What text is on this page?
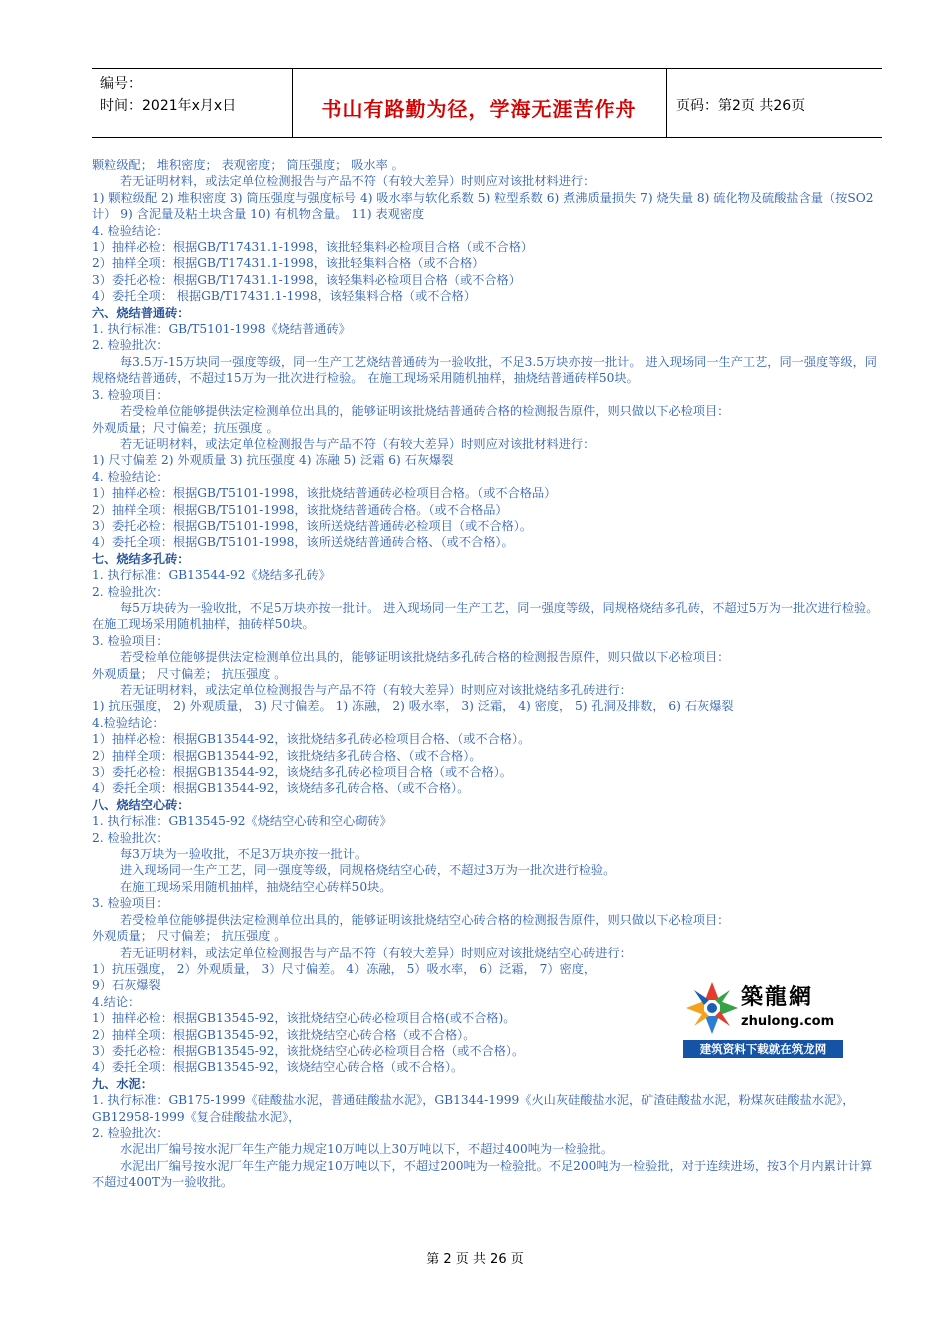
编号：
时间：2021年x月x日	书山有路勤为径，学海无涯苦作舟	页码：第2页 共26页
颗粒级配； 堆积密度； 表观密度； 筒压强度； 吸水率 。
若无证明材料，或法定单位检测报告与产品不符（有较大差异）时则应对该批材料进行：
1) 颗粒级配 2) 堆积密度 3) 筒压强度与强度标号 4) 吸水率与软化系数 5) 粒型系数 6) 煮沸质量损失 7) 烧失量 8) 硫化物及硫酸盐含量（按SO2计） 9) 含泥量及粘土块含量 10) 有机物含量。 11) 表观密度
4. 检验结论：
1）抽样必检：根据GB/T17431.1-1998，该批轻集料必检项目合格（或不合格）
2）抽样全项：根据GB/T17431.1-1998，该批轻集料合格（或不合格）
3）委托必检：根据GB/T17431.1-1998，该轻集料必检项目合格（或不合格）
4）委托全项： 根据GB/T17431.1-1998，该轻集料合格（或不合格）
六、烧结普通砖：
1. 执行标准：GB/T5101-1998《烧结普通砖》
2. 检验批次：
每3.5万-15万块同一强度等级，同一生产工艺烧结普通砖为一验收批，不足3.5万块亦按一批计。 进入现场同一生产工艺，同一强度等级，同规格烧结普通砖，不超过15万为一批次进行检验。 在施工现场采用随机抽样，抽烧结普通砖样50块。
3. 检验项目：
若受检单位能够提供法定检测单位出具的，能够证明该批烧结普通砖合格的检测报告原件，则只做以下必检项目：
外观质量；尺寸偏差；抗压强度 。
若无证明材料，或法定单位检测报告与产品不符（有较大差异）时则应对该批材料进行：
1) 尺寸偏差 2) 外观质量 3) 抗压强度 4) 冻融 5) 泛霜 6) 石灰爆裂
4. 检验结论：
1）抽样必检：根据GB/T5101-1998，该批烧结普通砖必检项目合格。（或不合格品）
2）抽样全项：根据GB/T5101-1998，该批烧结普通砖合格。（或不合格品）
3）委托必检：根据GB/T5101-1998，该所送烧结普通砖必检项目（或不合格）。
4）委托全项：根据GB/T5101-1998，该所送烧结普通砖合格、（或不合格）。
七、烧结多孔砖：
1. 执行标准：GB13544-92《烧结多孔砖》
2. 检验批次：
每5万块砖为一验收批，不足5万块亦按一批计。 进入现场同一生产工艺，同一强度等级，同规格烧结多孔砖，不超过5万为一批次进行检验。 在施工现场采用随机抽样，抽砖样50块。
3. 检验项目：
若受检单位能够提供法定检测单位出具的，能够证明该批烧结多孔砖合格的检测报告原件，则只做以下必检项目：
外观质量； 尺寸偏差； 抗压强度 。
若无证明材料，或法定单位检测报告与产品不符（有较大差异）时则应对该批烧结多孔砖进行：
1) 抗压强度， 2) 外观质量， 3) 尺寸偏差。 1) 冻融， 2) 吸水率， 3) 泛霜， 4) 密度， 5) 孔洞及排数， 6) 石灰爆裂
4.检验结论：
1）抽样必检：根据GB13544-92，该批烧结多孔砖必检项目合格、（或不合格）。
2）抽样全项：根据GB13544-92，该批烧结多孔砖合格、（或不合格）。
3）委托必检：根据GB13544-92，该烧结多孔砖必检项目合格（或不合格）。
4）委托全项：根据GB13544-92，该烧结多孔砖合格、（或不合格）。
八、烧结空心砖：
1. 执行标准：GB13545-92《烧结空心砖和空心砌砖》
2. 检验批次：
每3万块为一验收批，不足3万块亦按一批计。
进入现场同一生产工艺，同一强度等级，同规格烧结空心砖，不超过3万为一批次进行检验。
在施工现场采用随机抽样，抽烧结空心砖样50块。
3. 检验项目：
若受检单位能够提供法定检测单位出具的，能够证明该批烧结空心砖合格的检测报告原件，则只做以下必检项目：
外观质量； 尺寸偏差； 抗压强度 。
若无证明材料，或法定单位检测报告与产品不符（有较大差异）时则应对该批烧结空心砖进行：
1）抗压强度， 2）外观质量， 3）尺寸偏差。 4）冻融， 5）吸水率， 6）泛霜， 7）密度，
9）石灰爆裂
4.结论：
1）抽样必检：根据GB13545-92，该批烧结空心砖必检项目合格(或不合格)。
2）抽样全项：根据GB13545-92，该批烧结空心砖合格（或不合格）。
3）委托必检：根据GB13545-92，该批烧结空心砖必检项目合格（或不合格）。
4）委托全项：根据GB13545-92，该烧结空心砖合格（或不合格）。
九、水泥：
1. 执行标准：GB175-1999《硅酸盐水泥，普通硅酸盐水泥》，GB1344-1999《火山灰硅酸盐水泥，矿渣硅酸盐水泥，粉煤灰硅酸盐水泥》，GB12958-1999《复合硅酸盐水泥》，
2. 检验批次：
水泥出厂编号按水泥厂年生产能力规定10万吨以上30万吨以下，不超过400吨为一检验批。
水泥出厂编号按水泥厂年生产能力规定10万吨以下，不超过200吨为一检验批。不足200吨为一检验批，对于连续进场，按3个月内累计计算不超过400T为一验收批。
築龍網
zhulong.com
建筑资料下载就在筑龙网
第 2 页 共 26 页
